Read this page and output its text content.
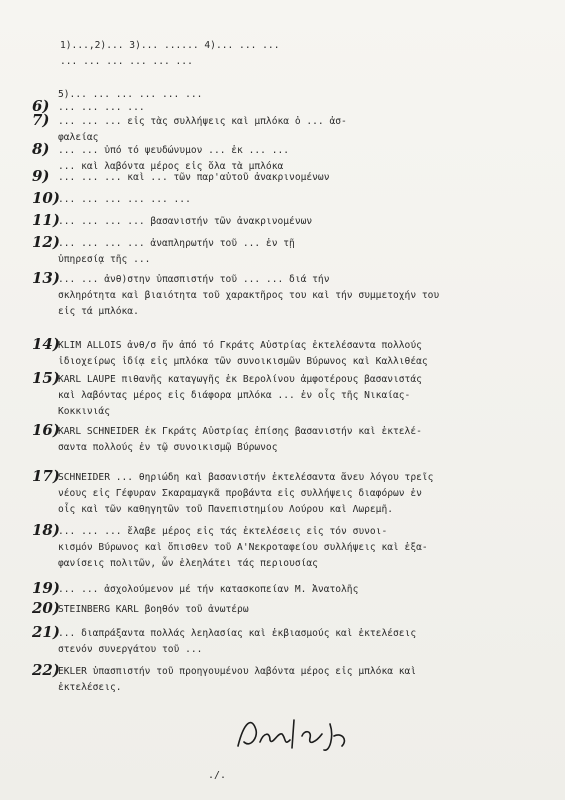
1)...,2)... 3)... ...... 4)... ... ...
... ... ... ... ... ...
5)... ... ... ... ... ...
6) ... ... ... ...
7) ... ... ... εἰς τὰς συλλήψεις καὶ μπλόκα ὁ ... ἀσ-
φαλείας
8) ... ... ὑπό τό ψευδώνυμον ... ἐκ ... ...
... καὶ λαβόντα μέρος εἰς ὅλα τὰ μπλόκα
9) ... ... ... καὶ ... τῶν παρ'αὐτοῦ ἀνακρινομένων
10)
... ... ... ... ... ...
11)
... ... ... ... βασανιστήν τῶν ἀνακρινομένων
12)
... ... ... ... ἀναπληρωτήν τοῦ ... ἐν τῇ
ὑπηρεσίᾳ τῆς ...
13)
... ... ἀνθ)στην ὑπασπιστήν τοῦ ... ... διά τήν
σκληρότητα καὶ βιαιότητα τοῦ χαρακτῆρος του καὶ τήν συμμετοχήν του
εἰς τά μπλόκα.
14)
KLIM ALLOIS ἀνθ/σ ἤν ἀπό τό Γκράτς Αὐστρίας ἐκτελέσαντα πολλούς
ἰδιοχείρως ἰδίᾳ εἰς μπλόκα τῶν συνοικισμῶν Βύρωνος καὶ Καλλιθέας
15)
KARL LAUPE πιθανῆς καταγωγῆς ἐκ Βερολίνου ἀμφοτέρους βασανιστάς
καὶ λαβόντας μέρος εἰς διάφορα μπλόκα ... ἐν οἷς τῆς Νικαίας-
Κοκκινιάς
16)
KARL SCHNEIDER ἐκ Γκράτς Αὐστρίας ἐπίσης βασανιστήν καὶ ἐκτελέ-
σαντα πολλούς ἐν τῷ συνοικισμῷ Βύρωνος
17)
SCHNEIDER ... θηριώδη καὶ βασανιστήν ἐκτελέσαντα ἄνευ λόγου τρεῖς
νέους εἰς Γέφυραν Σκαραμαγκᾶ προβάντα εἰς συλλήψεις διαφόρων ἐν
οἷς καὶ τῶν καθηγητῶν τοῦ Πανεπιστημίου Λούρου καὶ Λωρεμῆ.
18)
... ... ... ἔλαβε μέρος εἰς τάς ἐκτελέσεις εἰς τόν συνοι-
κισμόν Βύρωνος καὶ ὄπισθεν τοῦ Α'Νεκροταφείου συλλήψεις καὶ ἐξα-
φανίσεις πολιτῶν, ὧν ἐλεηλάτει τάς περιουσίας
19)
... ... ἀσχολούμενον μέ τήν κατασκοπείαν Μ. Ἀνατολῆς
20)
STEINBERG KARL βοηθόν τοῦ ἀνωτέρω
21)
... διαπράξαντα πολλάς λεηλασίας καὶ ἐκβιασμούς καὶ ἐκτελέσεις
στενόν συνεργάτου τοῦ ...
22)
EKLER ὑπασπιστήν τοῦ προηγουμένου λαβόντα μέρος εἰς μπλόκα καὶ
ἐκτελέσεις.
./.
